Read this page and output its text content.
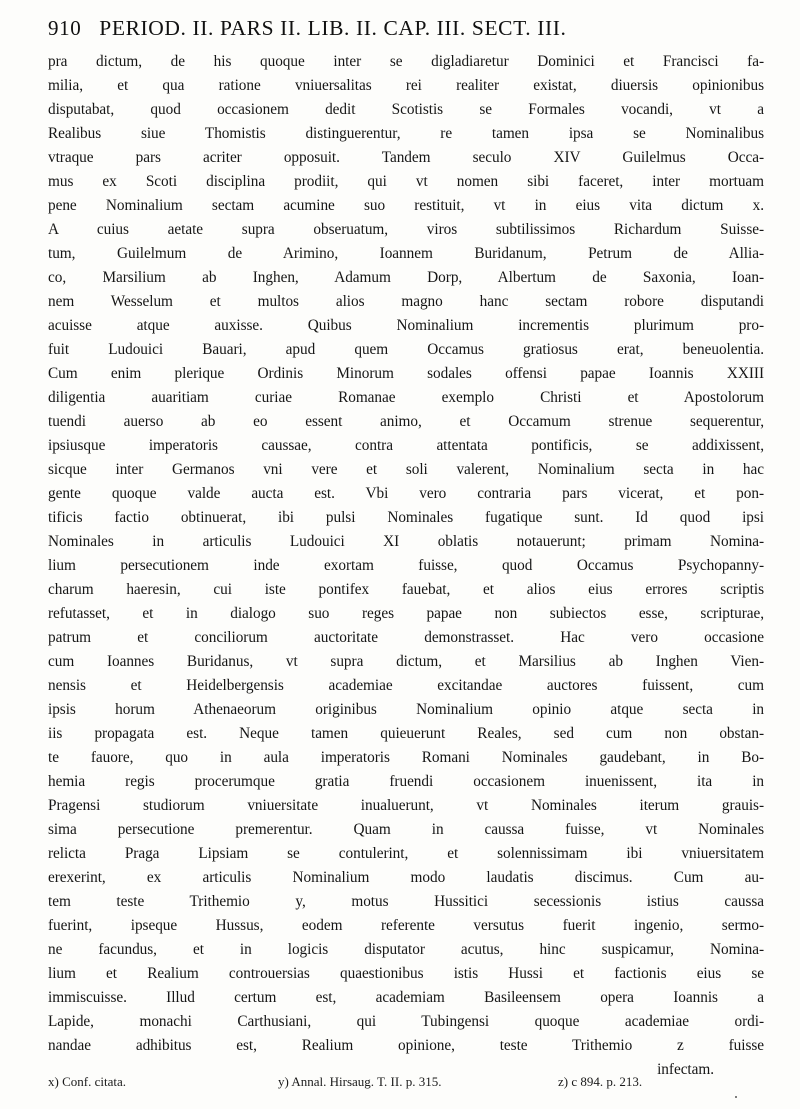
910 PERIOD. II. PARS II. LIB. II. CAP. III. SECT. III.
pra dictum, de his quoque inter se digladiaretur Dominici et Francisci fa-
milia, et qua ratione vniuersalitas rei realiter existat, diuersis opinionibus
disputabat, quod occasionem dedit Scotistis se Formales vocandi, vt a
Realibus siue Thomistis distinguerentur, re tamen ipsa se Nominalibus
vtraque pars acriter opposuit. Tandem seculo XIV Guilelmus Occa-
mus ex Scoti disciplina prodiit, qui vt nomen sibi faceret, inter mortuam
pene Nominalium sectam acumine suo restituit, vt in eius vita dictum x.
A cuius aetate supra obseruatum, viros subtilissimos Richardum Suisse-
tum, Guilelmum de Arimino, Ioannem Buridanum, Petrum de Allia-
co, Marsilium ab Inghen, Adamum Dorp, Albertum de Saxonia, Ioan-
nem Wesselum et multos alios magno hanc sectam robore disputandi
acuisse atque auxisse. Quibus Nominalium incrementis plurimum pro-
fuit Ludouici Bauari, apud quem Occamus gratiosus erat, beneuolentia.
Cum enim plerique Ordinis Minorum sodales offensi papae Ioannis XXIII
diligentia auaritiam curiae Romanae exemplo Christi et Apostolorum
tuendi auerso ab eo essent animo, et Occamum strenue sequerentur,
ipsiusque imperatoris caussae, contra attentata pontificis, se addixissent,
sicque inter Germanos vni vere et soli valerent, Nominalium secta in hac
gente quoque valde aucta est. Vbi vero contraria pars vicerat, et pon-
tificis factio obtinuerat, ibi pulsi Nominales fugatique sunt. Id quod ipsi
Nominales in articulis Ludouici XI oblatis notauerunt; primam Nomina-
lium persecutionem inde exortam fuisse, quod Occamus Psychopanny-
charum haeresin, cui iste pontifex fauebat, et alios eius errores scriptis
refutasset, et in dialogo suo reges papae non subiectos esse, scripturae,
patrum et conciliorum auctoritate demonstrasset. Hac vero occasione
cum Ioannes Buridanus, vt supra dictum, et Marsilius ab Inghen Vien-
nensis et Heidelbergensis academiae excitandae auctores fuissent, cum
ipsis horum Athenaeorum originibus Nominalium opinio atque secta in
iis propagata est. Neque tamen quieuerunt Reales, sed cum non obstan-
te fauore, quo in aula imperatoris Romani Nominales gaudebant, in Bo-
hemia regis procerumque gratia fruendi occasionem inuenissent, ita in
Pragensi studiorum vniuersitate inualuerunt, vt Nominales iterum grauis-
sima persecutione premerentur. Quam in caussa fuisse, vt Nominales
relicta Praga Lipsiam se contulerint, et solennissimam ibi vniuersitatem
erexerint, ex articulis Nominalium modo laudatis discimus. Cum au-
tem teste Trithemio y, motus Hussitici secessionis istius caussa
fuerint, ipseque Hussus, eodem referente versutus fuerit ingenio, sermo-
ne facundus, et in logicis disputator acutus, hinc suspicamur, Nomina-
lium et Realium controuersias quaestionibus istis Hussi et factionis eius se
immiscuisse. Illud certum est, academiam Basileensem opera Ioannis a
Lapide, monachi Carthusiani, qui Tubingensi quoque academiae ordi-
nandae adhibitus est, Realium opinione, teste Trithemio z fuisse
infectam.
x) Conf. citata.	y) Annal. Hirsaug. T. II. p. 315.	z) c 894. p. 213.
